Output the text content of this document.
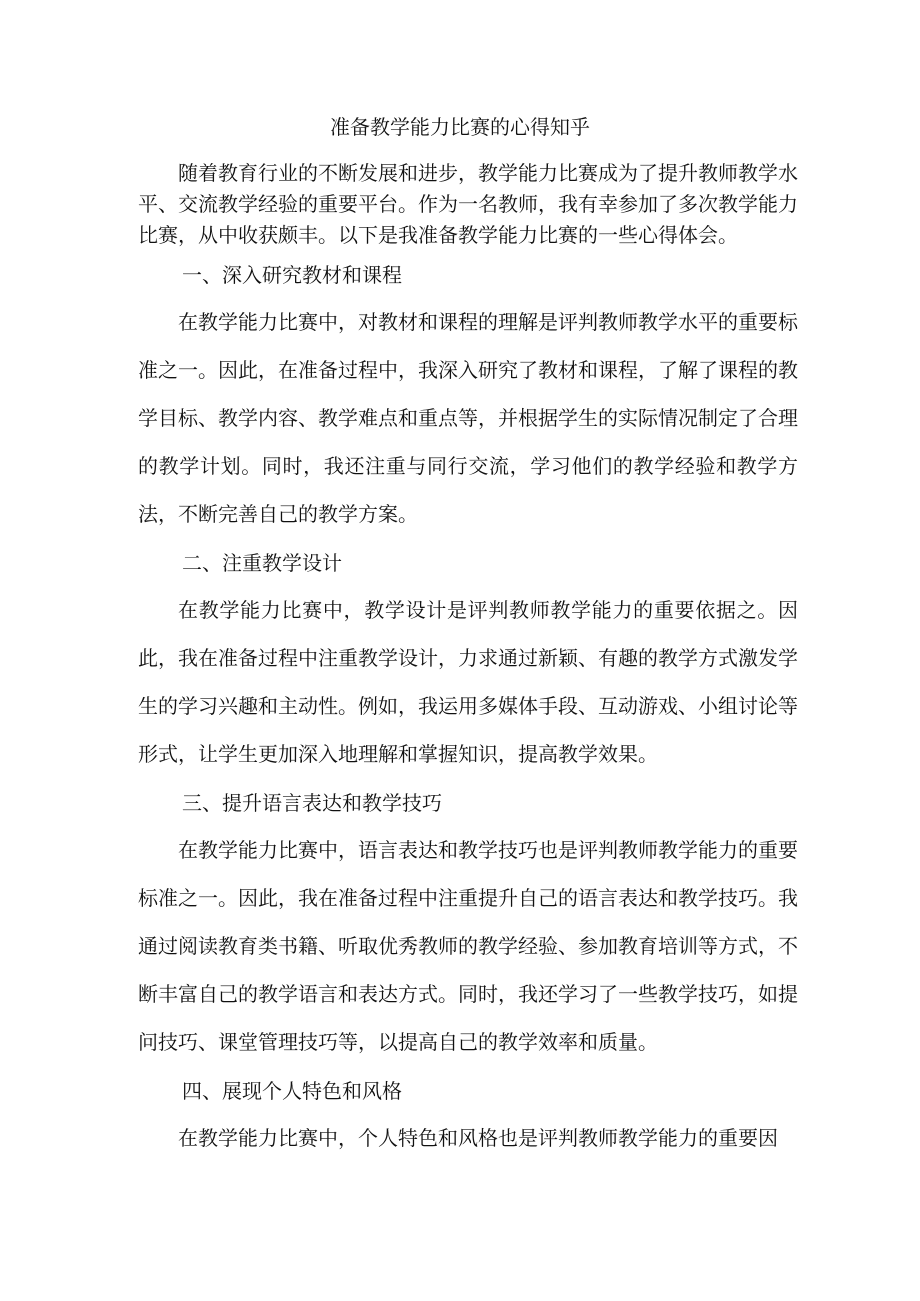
准备教学能力比赛的心得知乎

随着教育行业的不断发展和进步，教学能力比赛成为了提升教师教学水平、交流教学经验的重要平台。作为一名教师，我有幸参加了多次教学能力比赛，从中收获颇丰。以下是我准备教学能力比赛的一些心得体会。

一、深入研究教材和课程

在教学能力比赛中，对教材和课程的理解是评判教师教学水平的重要标准之一。因此，在准备过程中，我深入研究了教材和课程，了解了课程的教学目标、教学内容、教学难点和重点等，并根据学生的实际情况制定了合理的教学计划。同时，我还注重与同行交流，学习他们的教学经验和教学方法，不断完善自己的教学方案。

二、注重教学设计

在教学能力比赛中，教学设计是评判教师教学能力的重要依据之。因此，我在准备过程中注重教学设计，力求通过新颖、有趣的教学方式激发学生的学习兴趣和主动性。例如，我运用多媒体手段、互动游戏、小组讨论等形式，让学生更加深入地理解和掌握知识，提高教学效果。

三、提升语言表达和教学技巧

在教学能力比赛中，语言表达和教学技巧也是评判教师教学能力的重要标准之一。因此，我在准备过程中注重提升自己的语言表达和教学技巧。我通过阅读教育类书籍、听取优秀教师的教学经验、参加教育培训等方式，不断丰富自己的教学语言和表达方式。同时，我还学习了一些教学技巧，如提问技巧、课堂管理技巧等，以提高自己的教学效率和质量。

四、展现个人特色和风格

在教学能力比赛中，个人特色和风格也是评判教师教学能力的重要因
